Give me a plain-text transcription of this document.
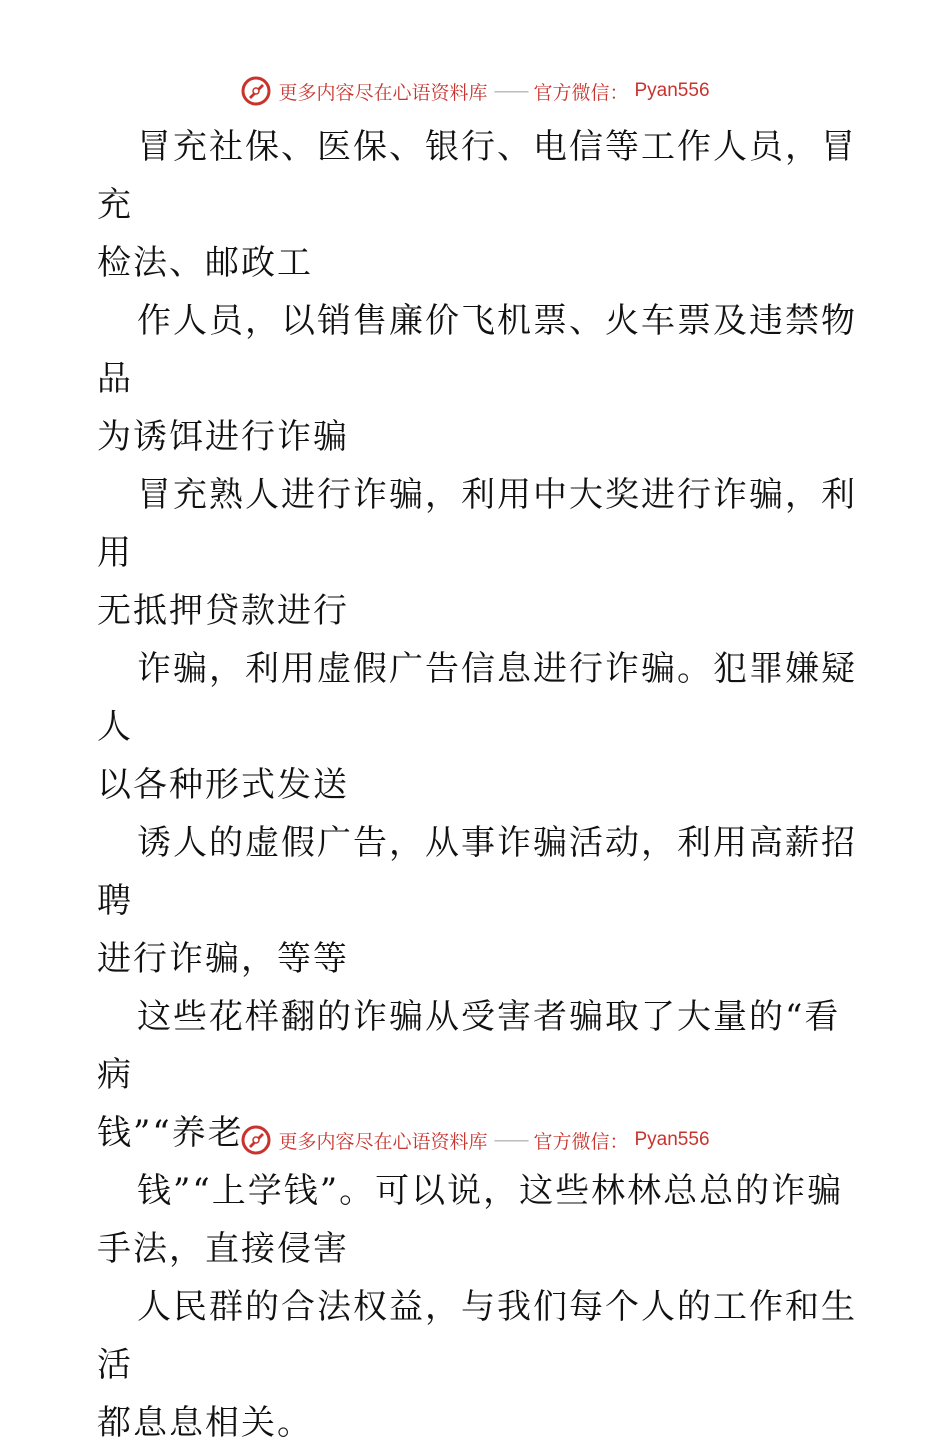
更多内容尽在心语资料库 —— 官方微信： Pyan556

冒充社保、医保、银行、电信等工作人员，冒充
检法、邮政工

作人员，以销售廉价飞机票、火车票及违禁物品
为诱饵进行诈骗

冒充熟人进行诈骗，利用中大奖进行诈骗，利用
无抵押贷款进行

诈骗，利用虚假广告信息进行诈骗。犯罪嫌疑人
以各种形式发送

诱人的虚假广告，从事诈骗活动，利用高薪招聘
进行诈骗，等等

这些花样翻的诈骗从受害者骗取了大量的“看病
钱”“养老

钱”“上学钱”。可以说，这些林林总总的诈骗
手法，直接侵害

人民群的合法权益，与我们每个人的工作和生活
都息息相关。

更多内容尽在心语资料库 —— 官方微信： Pyan556
